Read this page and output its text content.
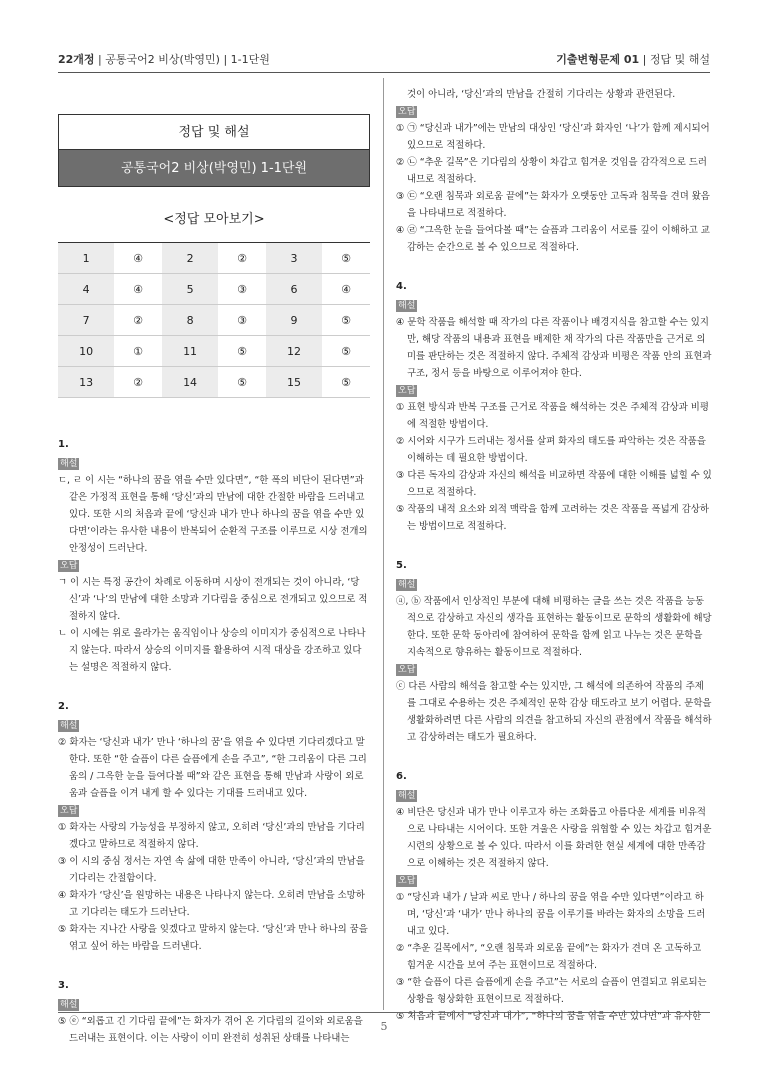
22개정 | 공통국어2 비상(박영민) | 1-1단원	기출변형문제 01 | 정답 및 해설
정답 및 해설
공통국어2 비상(박영민) 1-1단원
<정답 모아보기>
1	④	2	②	3	⑤
4	④	5	③	6	④
7	②	8	③	9	⑤
10	①	11	⑤	12	⑤
13	②	14	⑤	15	⑤
1.
해설
ㄷ, ㄹ 이 시는 “하나의 꿈을 엮을 수만 있다면”, “한 폭의 비단이 된다면”과 같은 가정적 표현을 통해 ‘당신’과의 만남에 대한 간절한 바람을 드러내고 있다. 또한 시의 처음과 끝에 ‘당신과 내가 만나 하나의 꿈을 엮을 수만 있다면’이라는 유사한 내용이 반복되어 순환적 구조를 이루므로 시상 전개의 안정성이 드러난다.
오답
ㄱ 이 시는 특정 공간이 차례로 이동하며 시상이 전개되는 것이 아니라, ‘당신’과 ‘나’의 만남에 대한 소망과 기다림을 중심으로 전개되고 있으므로 적절하지 않다.
ㄴ 이 시에는 위로 올라가는 움직임이나 상승의 이미지가 중심적으로 나타나지 않는다. 따라서 상승의 이미지를 활용하여 시적 대상을 강조하고 있다는 설명은 적절하지 않다.
2.
해설
② 화자는 ‘당신과 내가’ 만나 ‘하나의 꿈’을 엮을 수 있다면 기다리겠다고 말한다. 또한 “한 슬픔이 다른 슬픔에게 손을 주고”, “한 그리움이 다른 그리움의 / 그윽한 눈을 들여다볼 때”와 같은 표현을 통해 만남과 사랑이 외로움과 슬픔을 이겨 내게 할 수 있다는 기대를 드러내고 있다.
오답
① 화자는 사랑의 가능성을 부정하지 않고, 오히려 ‘당신’과의 만남을 기다리겠다고 말하므로 적절하지 않다.
③ 이 시의 중심 정서는 자연 속 삶에 대한 만족이 아니라, ‘당신’과의 만남을 기다리는 간절함이다.
④ 화자가 ‘당신’을 원망하는 내용은 나타나지 않는다. 오히려 만남을 소망하고 기다리는 태도가 드러난다.
⑤ 화자는 지나간 사랑을 잊겠다고 말하지 않는다. ‘당신’과 만나 하나의 꿈을 엮고 싶어 하는 바람을 드러낸다.
3.
해설
⑤ ⓔ “외롭고 긴 기다림 끝에”는 화자가 겪어 온 기다림의 길이와 외로움을 드러내는 표현이다. 이는 사랑이 이미 완전히 성취된 상태를 나타내는
것이 아니라, ‘당신’과의 만남을 간절히 기다리는 상황과 관련된다.
오답
① ㉠ “당신과 내가”에는 만남의 대상인 ‘당신’과 화자인 ‘나’가 함께 제시되어 있으므로 적절하다.
② ㉡ “추운 길목”은 기다림의 상황이 차갑고 힘겨운 것임을 감각적으로 드러내므로 적절하다.
③ ㉢ “오랜 침묵과 외로움 끝에”는 화자가 오랫동안 고독과 침묵을 견뎌 왔음을 나타내므로 적절하다.
④ ㉣ “그윽한 눈을 들여다볼 때”는 슬픔과 그리움이 서로를 깊이 이해하고 교감하는 순간으로 볼 수 있으므로 적절하다.
4.
해설
④ 문학 작품을 해석할 때 작가의 다른 작품이나 배경지식을 참고할 수는 있지만, 해당 작품의 내용과 표현을 배제한 채 작가의 다른 작품만을 근거로 의미를 판단하는 것은 적절하지 않다. 주체적 감상과 비평은 작품 안의 표현과 구조, 정서 등을 바탕으로 이루어져야 한다.
오답
① 표현 방식과 반복 구조를 근거로 작품을 해석하는 것은 주체적 감상과 비평에 적절한 방법이다.
② 시어와 시구가 드러내는 정서를 살펴 화자의 태도를 파악하는 것은 작품을 이해하는 데 필요한 방법이다.
③ 다른 독자의 감상과 자신의 해석을 비교하면 작품에 대한 이해를 넓힐 수 있으므로 적절하다.
⑤ 작품의 내적 요소와 외적 맥락을 함께 고려하는 것은 작품을 폭넓게 감상하는 방법이므로 적절하다.
5.
해설
ⓐ, ⓑ 작품에서 인상적인 부분에 대해 비평하는 글을 쓰는 것은 작품을 능동적으로 감상하고 자신의 생각을 표현하는 활동이므로 문학의 생활화에 해당한다. 또한 문학 동아리에 참여하여 문학을 함께 읽고 나누는 것은 문학을 지속적으로 향유하는 활동이므로 적절하다.
오답
ⓒ 다른 사람의 해석을 참고할 수는 있지만, 그 해석에 의존하여 작품의 주제를 그대로 수용하는 것은 주체적인 문학 감상 태도라고 보기 어렵다. 문학을 생활화하려면 다른 사람의 의견을 참고하되 자신의 관점에서 작품을 해석하고 감상하려는 태도가 필요하다.
6.
해설
④ 비단은 당신과 내가 만나 이루고자 하는 조화롭고 아름다운 세계를 비유적으로 나타내는 시어이다. 또한 겨울은 사랑을 위협할 수 있는 차갑고 힘겨운 시련의 상황으로 볼 수 있다. 따라서 이를 화려한 현실 세계에 대한 만족감으로 이해하는 것은 적절하지 않다.
오답
① “당신과 내가 / 날과 씨로 만나 / 하나의 꿈을 엮을 수만 있다면”이라고 하며, ‘당신’과 ‘내가’ 만나 하나의 꿈을 이루기를 바라는 화자의 소망을 드러내고 있다.
② “추운 길목에서”, “오랜 침묵과 외로움 끝에”는 화자가 견뎌 온 고독하고 힘겨운 시간을 보여 주는 표현이므로 적절하다.
③ “한 슬픔이 다른 슬픔에게 손을 주고”는 서로의 슬픔이 연결되고 위로되는 상황을 형상화한 표현이므로 적절하다.
⑤ 처음과 끝에서 “당신과 내가”, “하나의 꿈을 엮을 수만 있다면”과 유사한
5
